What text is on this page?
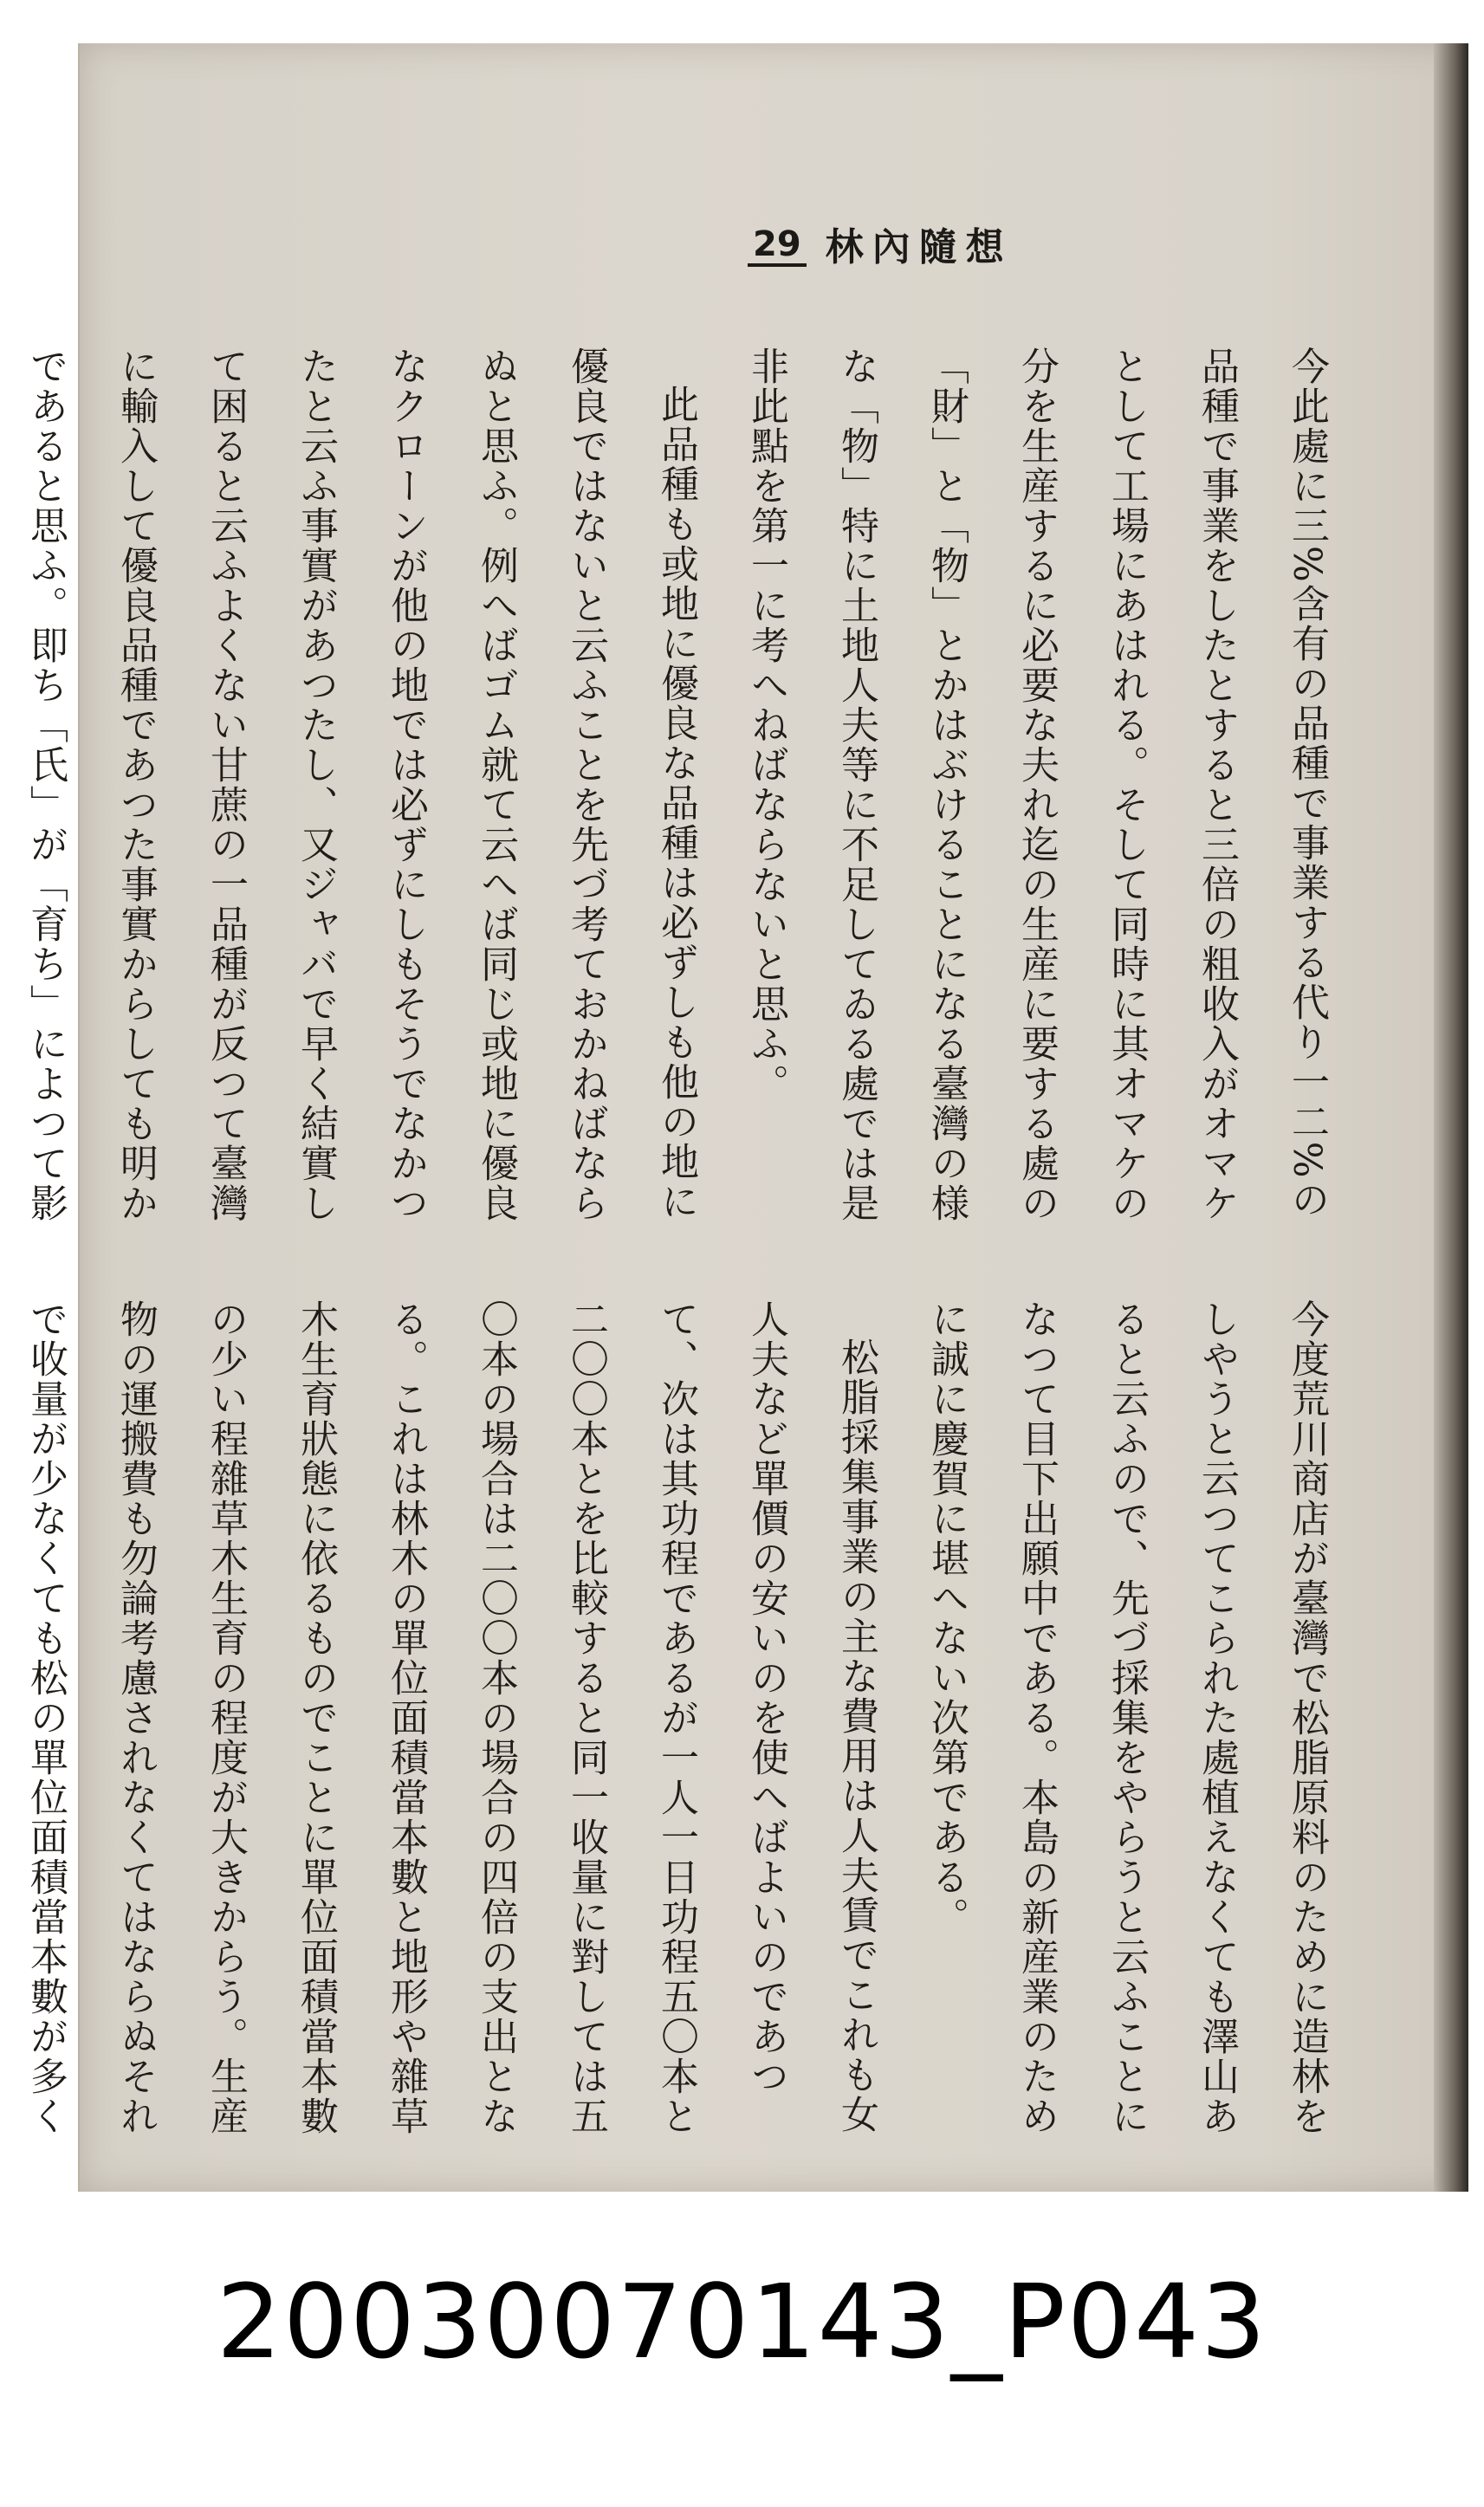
29 林內隨想

今此處に三%含有の品種で事業する代り一二%の品種で事業をしたとすると三倍の粗收入がオマケとして工場にあはれる。そして同時に其オマケの分を生産するに必要な夫れ迄の生産に要する處の「財」と「物」とかはぶけることになる臺灣の様な「物」特に土地人夫等に不足してゐる處では是非此點を第一に考へねばならないと思ふ。

此品種も或地に優良な品種は必ずしも他の地に優良ではないと云ふことを先づ考ておかねばならぬと思ふ。例へばゴム就て云へば同じ或地に優良なクローンが他の地では必ずにしもそうでなかつたと云ふ事實があつたし、又ジャバで早く結實して困ると云ふよくない甘蔗の一品種が反つて臺灣に輸入して優良品種であつた事實からしても明かであると思ふ。即ち「氏」が「育ち」によつて影

今度荒川商店が臺灣で松脂原料のために造林をしやうと云つてこられた處植えなくても澤山あると云ふので、先づ採集をやらうと云ふことになつて目下出願中である。本島の新産業のために誠に慶賀に堪へない次第である。

松脂採集事業の主な費用は人夫賃でこれも女人夫など單價の安いのを使へばよいのであつて、次は其功程であるが一人一日功程五〇本と二〇〇本とを比較すると同一收量に對しては五〇本の場合は二〇〇本の場合の四倍の支出となる。これは林木の單位面積當本數と地形や雜草木生育狀態に依るものでことに單位面積當本數の少い程雜草木生育の程度が大きからう。生産物の運搬費も勿論考慮されなくてはならぬそれで收量が少なくても松の單位面積當本數が多く

20030070143_P043
